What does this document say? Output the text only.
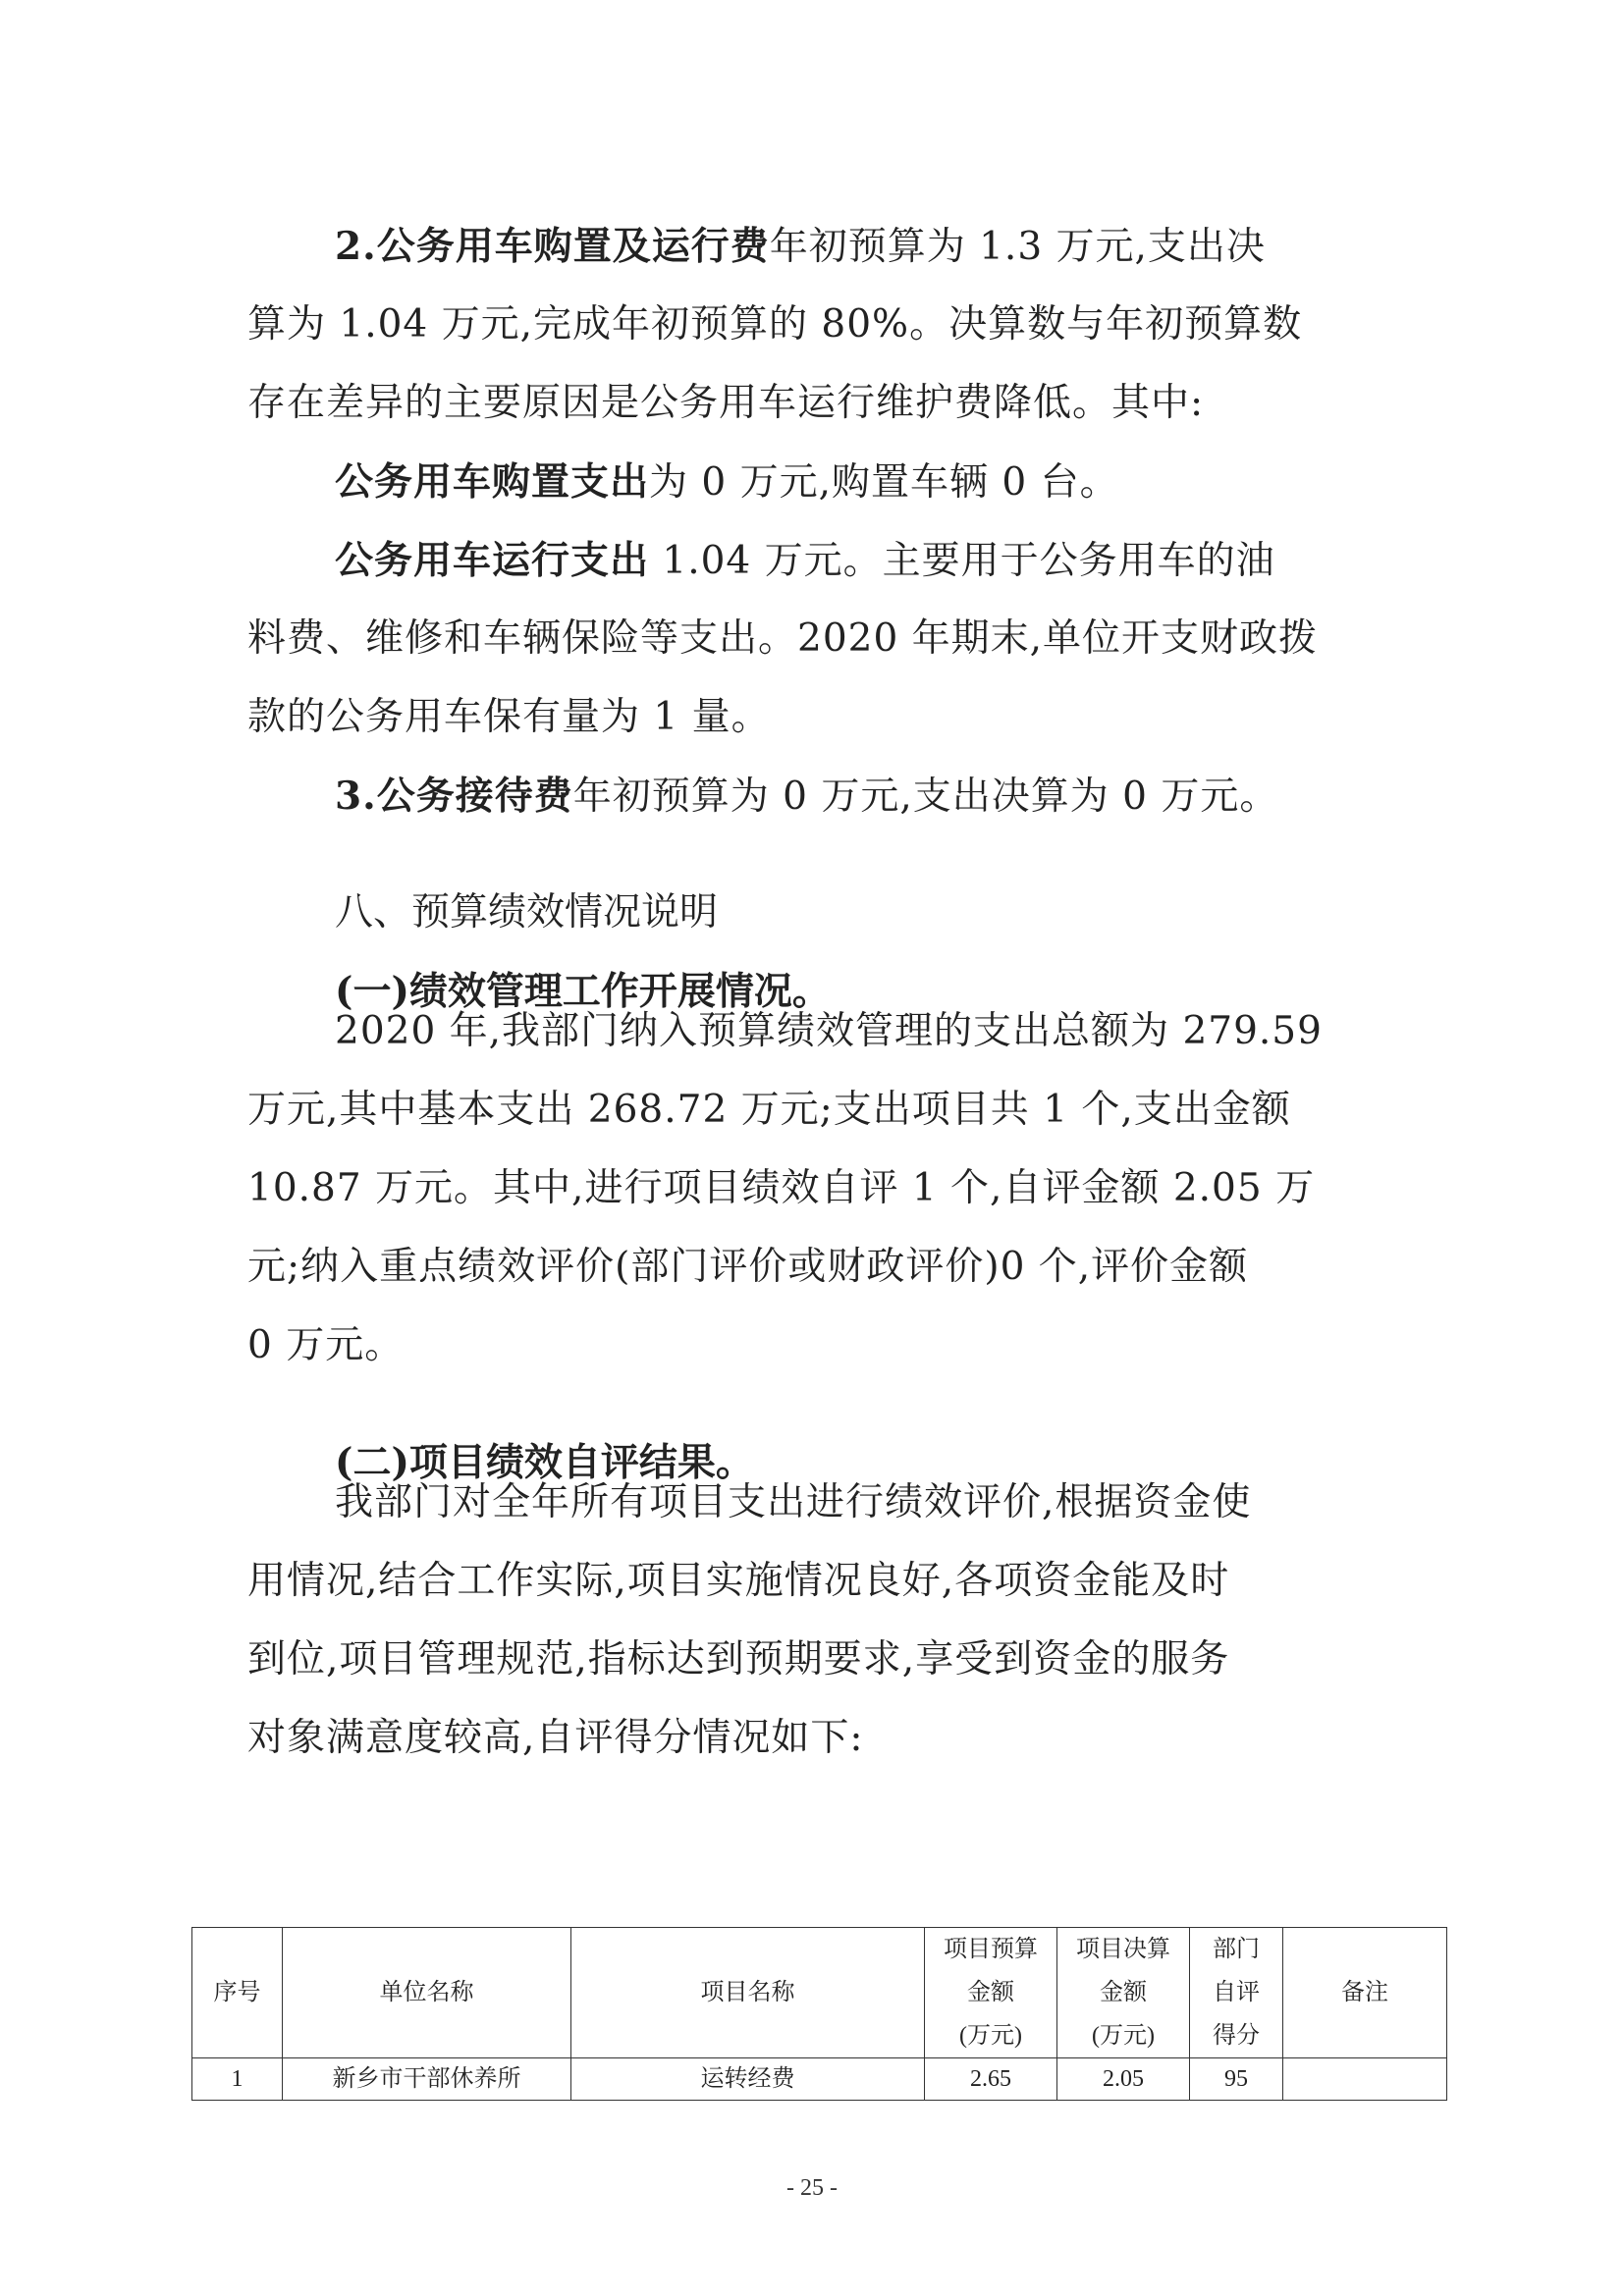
2.公务用车购置及运行费年初预算为 1.3 万元,支出决

算为 1.04 万元,完成年初预算的 80%。决算数与年初预算数

存在差异的主要原因是公务用车运行维护费降低。其中:

公务用车购置支出为 0 万元,购置车辆 0 台。

公务用车运行支出 1.04 万元。主要用于公务用车的油

料费、维修和车辆保险等支出。2020 年期末,单位开支财政拨

款的公务用车保有量为 1 量。

3.公务接待费年初预算为 0 万元,支出决算为 0 万元。

八、预算绩效情况说明

(一)绩效管理工作开展情况。

2020 年,我部门纳入预算绩效管理的支出总额为 279.59

万元,其中基本支出 268.72 万元;支出项目共 1 个,支出金额

10.87 万元。其中,进行项目绩效自评 1 个,自评金额 2.05 万

元;纳入重点绩效评价(部门评价或财政评价)0 个,评价金额

0 万元。

(二)项目绩效自评结果。

我部门对全年所有项目支出进行绩效评价,根据资金使

用情况,结合工作实际,项目实施情况良好,各项资金能及时

到位,项目管理规范,指标达到预期要求,享受到资金的服务

对象满意度较高,自评得分情况如下:

序号	单位名称	项目名称	项目预算
金额
(万元)	项目决算
金额
(万元)	部门
自评
得分	备注
1	新乡市干部休养所	运转经费	2.65	2.05	95	
- 25 -
